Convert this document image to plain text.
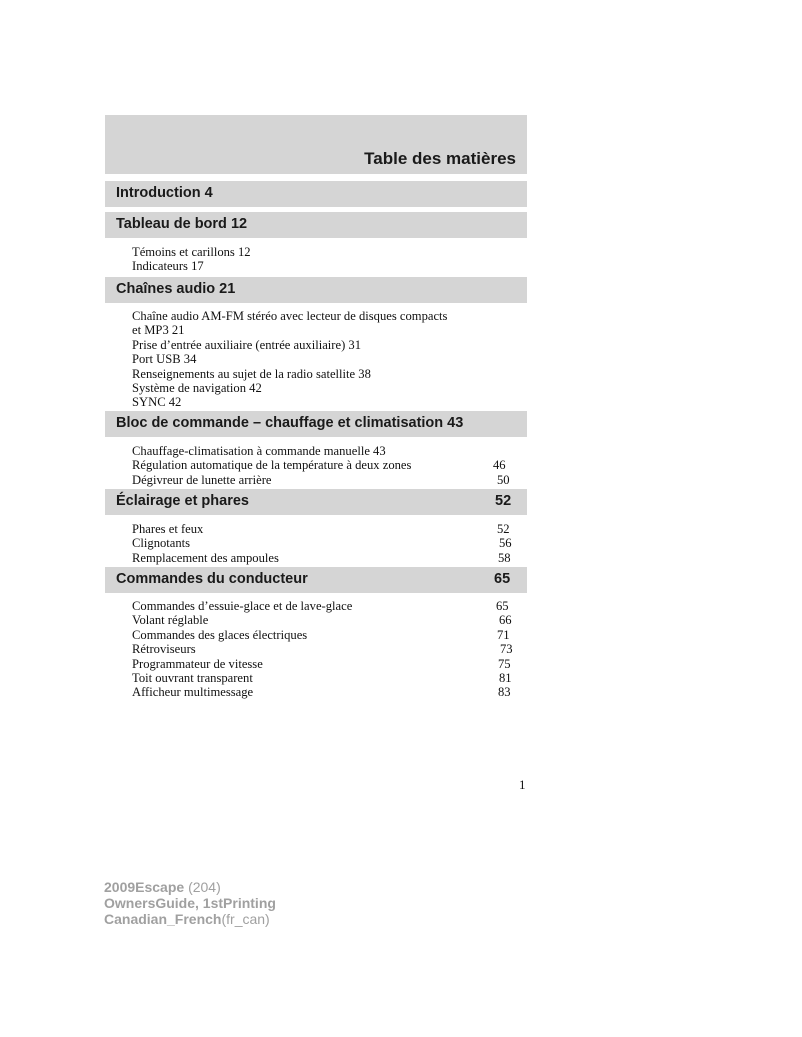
Table des matières
Introduction 4
Tableau de bord 12
Témoins et carillons 12
Indicateurs 17
Chaînes audio 21
Chaîne audio AM-FM stéréo avec lecteur de disques compacts
et MP3 21
Prise d’entrée auxiliaire (entrée auxiliaire) 31
Port USB 34
Renseignements au sujet de la radio satellite 38
Système de navigation 42
SYNC 42
Bloc de commande – chauffage et climatisation 43
Chauffage-climatisation à commande manuelle 43
Régulation automatique de la température à deux zones	46
Dégivreur de lunette arrière	50
Éclairage et phares	52
Phares et feux	52
Clignotants	56
Remplacement des ampoules	58
Commandes du conducteur	65
Commandes d’essuie-glace et de lave-glace	65
Volant réglable	66
Commandes des glaces électriques	71
Rétroviseurs	73
Programmateur de vitesse	75
Toit ouvrant transparent	81
Afficheur multimessage	83
1
2009Escape (204)
OwnersGuide, 1stPrinting
Canadian_French(fr_can)
